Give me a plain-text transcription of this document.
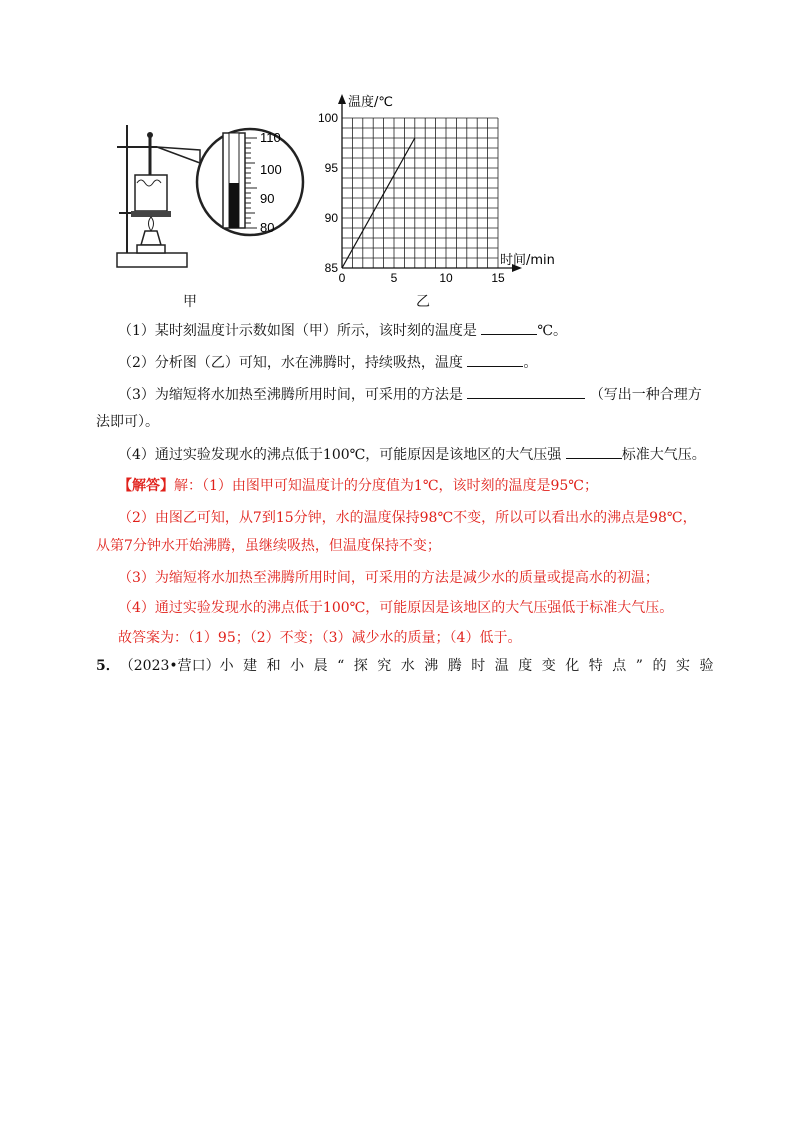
110
100
90
80
甲
85
90
95
100
0	5	10	15
温度/℃
时间/min
乙
（1）某时刻温度计示数如图（甲）所示，该时刻的温度是	℃。
（2）分析图（乙）可知，水在沸腾时，持续吸热，温度	。
（3）为缩短将水加热至沸腾所用时间，可采用的方法是	（写出一种合理方
法即可）。
（4）通过实验发现水的沸点低于100℃，可能原因是该地区的大气压强	标准大气压。
【解答】解：（1）由图甲可知温度计的分度值为1℃，该时刻的温度是95℃；
（2）由图乙可知，从7到15分钟，水的温度保持98℃不变，所以可以看出水的沸点是98℃，
从第7分钟水开始沸腾，虽继续吸热，但温度保持不变；
（3）为缩短将水加热至沸腾所用时间，可采用的方法是减少水的质量或提高水的初温；
（4）通过实验发现水的沸点低于100℃，可能原因是该地区的大气压强低于标准大气压。
故答案为：（1）95；（2）不变；（3）减少水的质量；（4）低于。
5． （2023•营口） 小建和小晨“探究水沸腾时温度变化特点”的实验
